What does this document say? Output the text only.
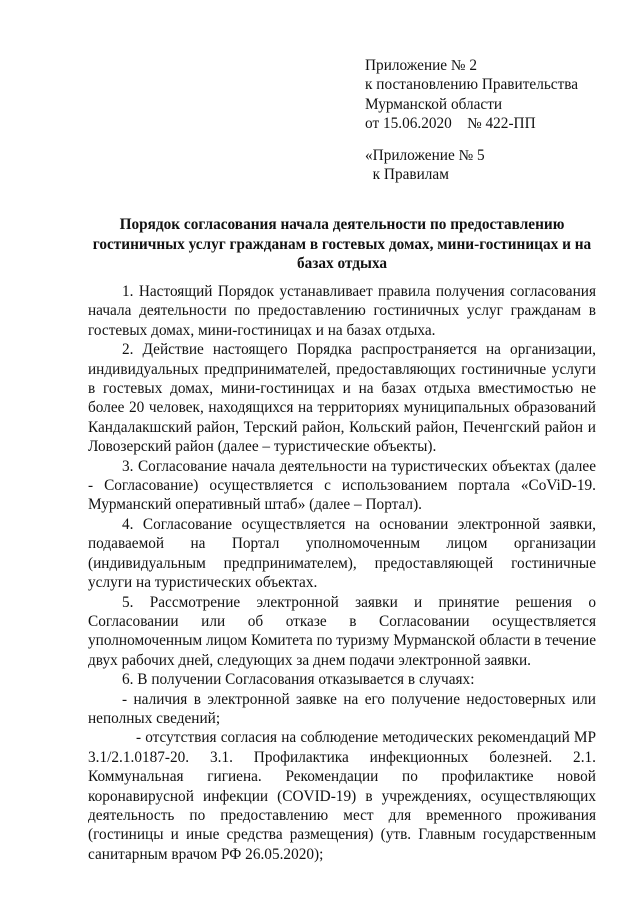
Приложение № 2
к постановлению Правительства
Мурманской области
от 15.06.2020    № 422-ПП
«Приложение № 5
к Правилам
Порядок согласования начала деятельности по предоставлению гостиничных услуг гражданам в гостевых домах, мини-гостиницах и на базах отдыха

1. Настоящий Порядок устанавливает правила получения согласования начала деятельности по предоставлению гостиничных услуг гражданам в гостевых домах, мини-гостиницах и на базах отдыха.

2. Действие настоящего Порядка распространяется на организации, индивидуальных предпринимателей, предоставляющих гостиничные услуги в гостевых домах, мини-гостиницах и на базах отдыха вместимостью не более 20 человек, находящихся на территориях муниципальных образований Кандалакшский район, Терский район, Кольский район, Печенгский район и Ловозерский район (далее – туристические объекты).

3. Согласование начала деятельности на туристических объектах (далее - Согласование) осуществляется с использованием портала «CoViD-19. Мурманский оперативный штаб» (далее – Портал).

4. Согласование осуществляется на основании электронной заявки, подаваемой на Портал уполномоченным лицом организации (индивидуальным предпринимателем), предоставляющей гостиничные услуги на туристических объектах.

5. Рассмотрение электронной заявки и принятие решения о Согласовании или об отказе в Согласовании осуществляется уполномоченным лицом Комитета по туризму Мурманской области в течение двух рабочих дней, следующих за днем подачи электронной заявки.

6. В получении Согласования отказывается в случаях:

- наличия в электронной заявке на его получение недостоверных или неполных сведений;

- отсутствия согласия на соблюдение методических рекомендаций МР 3.1/2.1.0187-20. 3.1. Профилактика инфекционных болезней. 2.1. Коммунальная гигиена. Рекомендации по профилактике новой коронавирусной инфекции (COVID-19) в учреждениях, осуществляющих деятельность по предоставлению мест для временного проживания (гостиницы и иные средства размещения) (утв. Главным государственным санитарным врачом РФ 26.05.2020);
